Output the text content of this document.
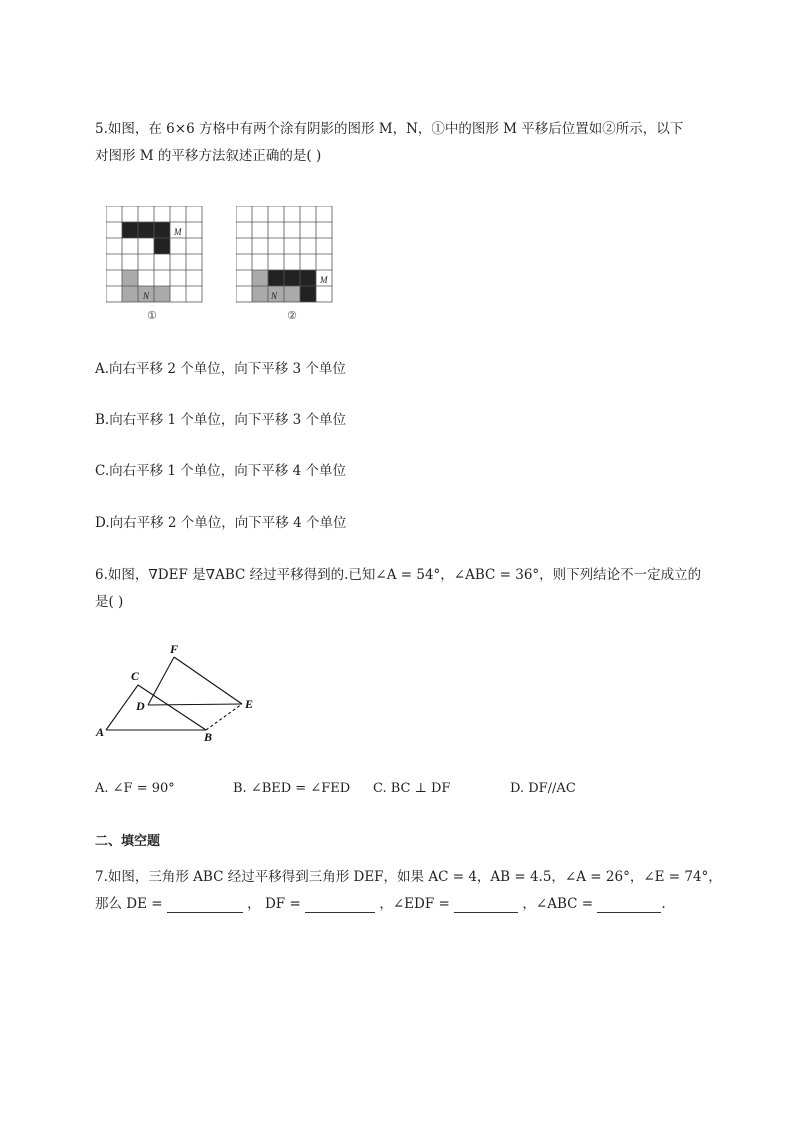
5.如图，在 6×6 方格中有两个涂有阴影的图形 M，N，①中的图形 M 平移后位置如②所示，以下
对图形 M 的平移方法叙述正确的是( )
M
N
①
M
N
②
A.向右平移 2 个单位，向下平移 3 个单位
B.向右平移 1 个单位，向下平移 3 个单位
C.向右平移 1 个单位，向下平移 4 个单位
D.向右平移 2 个单位，向下平移 4 个单位
6.如图，∇DEF 是∇ABC 经过平移得到的.已知∠A = 54°，∠ABC = 36°，则下列结论不一定成立的
是( )
A	B
C
D	E
F
A. ∠F = 90°	B. ∠BED = ∠FED C. BC ⊥ DF	D. DF//AC
二、填空题
7.如图，三角形 ABC 经过平移得到三角形 DEF，如果 AC = 4，AB = 4.5，∠A = 26°，∠E = 74°，
那么 DE =	， DF =	，∠EDF =	，∠ABC =	.
